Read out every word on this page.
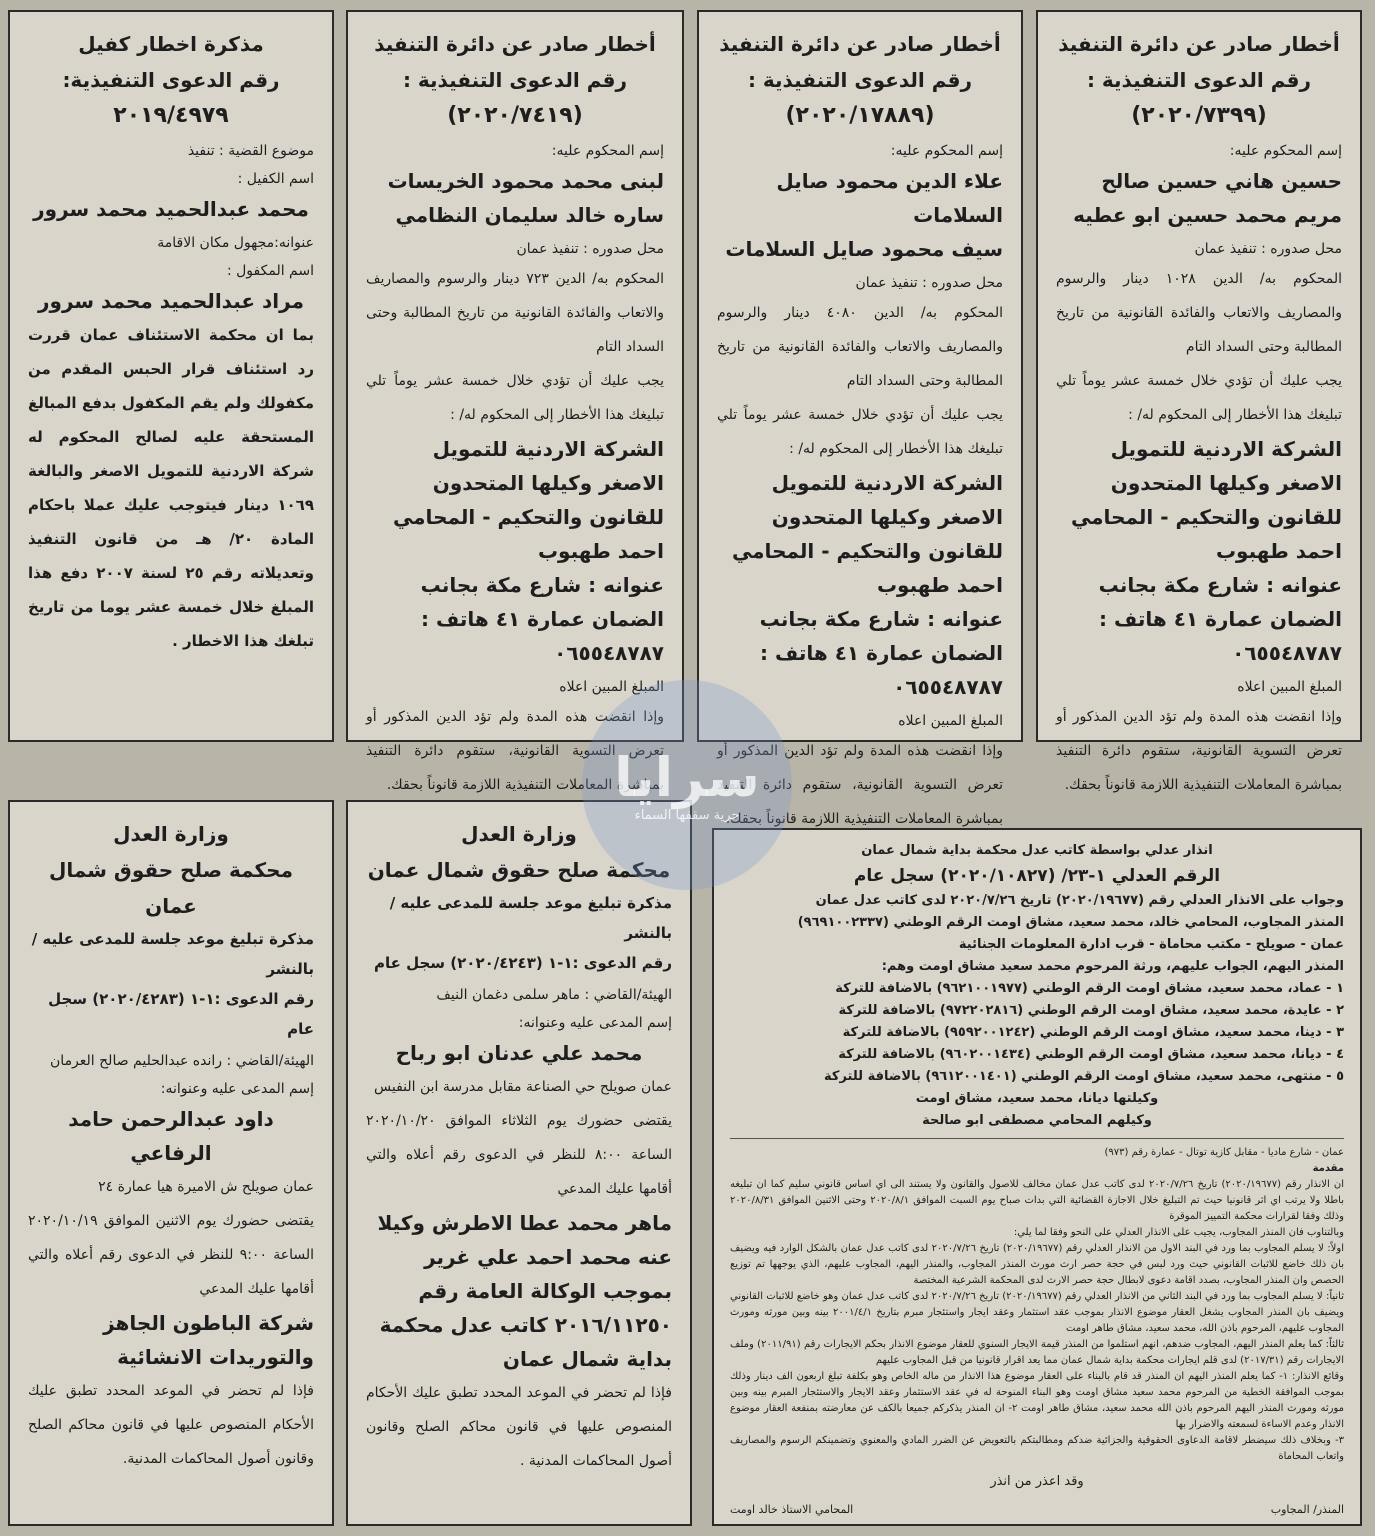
أخطار صادر عن دائرة التنفيذ

رقم الدعوى التنفيذية :

(٢٠٢٠/٧٣٩٩)

إسم المحكوم عليه:

حسين هاني حسين صالح

مريم محمد حسين ابو عطيه

محل صدوره : تنفيذ عمان

المحكوم به/ الدين ١٠٢٨ دينار والرسوم والمصاريف والاتعاب والفائدة القانونية من تاريخ المطالبة وحتى السداد التام

يجب عليك أن تؤدي خلال خمسة عشر يوماً تلي تبليغك هذا الأخطار إلى المحكوم له/ :

الشركة الاردنية للتمويل الاصغر وكيلها المتحدون للقانون والتحكيم - المحامي احمد طهبوب

عنوانه : شارع مكة بجانب الضمان عمارة ٤١ هاتف : ٠٦٥٥٤٨٧٨٧

المبلغ المبين اعلاه

وإذا انقضت هذه المدة ولم تؤد الدين المذكور أو تعرض التسوية القانونية، ستقوم دائرة التنفيذ بمباشرة المعاملات التنفيذية اللازمة قانوناً بحقك.

أخطار صادر عن دائرة التنفيذ

رقم الدعوى التنفيذية :

(٢٠٢٠/١٧٨٨٩)

إسم المحكوم عليه:

علاء الدين محمود صايل السلامات

سيف محمود صايل السلامات

محل صدوره : تنفيذ عمان

المحكوم به/ الدين ٤٠٨٠ دينار والرسوم والمصاريف والاتعاب والفائدة القانونية من تاريخ المطالبة وحتى السداد التام

يجب عليك أن تؤدي خلال خمسة عشر يوماً تلي تبليغك هذا الأخطار إلى المحكوم له/ :

الشركة الاردنية للتمويل الاصغر وكيلها المتحدون للقانون والتحكيم - المحامي احمد طهبوب

عنوانه : شارع مكة بجانب الضمان عمارة ٤١ هاتف : ٠٦٥٥٤٨٧٨٧

المبلغ المبين اعلاه

وإذا انقضت هذه المدة ولم تؤد الدين المذكور أو تعرض التسوية القانونية، ستقوم دائرة التنفيذ بمباشرة المعاملات التنفيذية اللازمة قانوناً بحقك.

أخطار صادر عن دائرة التنفيذ

رقم الدعوى التنفيذية :

(٢٠٢٠/٧٤١٩)

إسم المحكوم عليه:

لبنى محمد محمود الخريسات

ساره خالد سليمان النظامي

محل صدوره : تنفيذ عمان

المحكوم به/ الدين ٧٢٣ دينار والرسوم والمصاريف والاتعاب والفائدة القانونية من تاريخ المطالبة وحتى السداد التام

يجب عليك أن تؤدي خلال خمسة عشر يوماً تلي تبليغك هذا الأخطار إلى المحكوم له/ :

الشركة الاردنية للتمويل الاصغر وكيلها المتحدون للقانون والتحكيم - المحامي احمد طهبوب

عنوانه : شارع مكة بجانب الضمان عمارة ٤١ هاتف : ٠٦٥٥٤٨٧٨٧

المبلغ المبين اعلاه

وإذا انقضت هذه المدة ولم تؤد الدين المذكور أو تعرض التسوية القانونية، ستقوم دائرة التنفيذ بمباشرة المعاملات التنفيذية اللازمة قانوناً بحقك.

مذكرة اخطار كفيل

رقم الدعوى التنفيذية:

٢٠١٩/٤٩٧٩

موضوع القضية : تنفيذ

اسم الكفيل :

محمد عبدالحميد محمد سرور

عنوانه:مجهول مكان الاقامة

اسم المكفول :

مراد عبدالحميد محمد سرور

بما ان محكمة الاستئناف عمان قررت رد استئناف قرار الحبس المقدم من مكفولك ولم يقم المكفول بدفع المبالغ المستحقة عليه لصالح المحكوم له شركة الاردنية للتمويل الاصغر والبالغة ١٠٦٩ دينار فيتوجب عليك عملا باحكام المادة ٢٠/ هـ من قانون التنفيذ وتعديلاته رقم ٢٥ لسنة ٢٠٠٧ دفع هذا المبلغ خلال خمسة عشر يوما من تاريخ تبلغك هذا الاخطار .

انذار عدلي بواسطة كاتب عدل محكمة بداية شمال عمان

الرقم العدلي ١-٢٣/ (٢٠٢٠/١٠٨٢٧) سجل عام

وجواب على الانذار العدلي رقم (٢٠٢٠/١٩٦٧٧) تاريخ ٢٠٢٠/٧/٢٦ لدى كاتب عدل عمان

المنذر المجاوب، المحامي خالد، محمد سعيد، مشاق اومت الرقم الوطني (٩٦٩١٠٠٢٣٣٧)

عمان - صويلح - مكتب محاماة - قرب ادارة المعلومات الجنائية

المنذر اليهم، الجواب عليهم، ورثة المرحوم محمد سعيد مشاق اومت وهم:

١ - عماد، محمد سعيد، مشاق اومت الرقم الوطني (٩٦٢١٠٠١٩٧٧) بالاضافة للتركة

٢ - عايدة، محمد سعيد، مشاق اومت الرقم الوطني (٩٧٢٢٠٢٨١٦) بالاضافة للتركة

٣ - دينا، محمد سعيد، مشاق اومت الرقم الوطني (٩٥٩٢٠٠١٢٤٢) بالاضافة للتركة

٤ - ديانا، محمد سعيد، مشاق اومت الرقم الوطني (٩٦٠٢٠٠١٤٣٤) بالاضافة للتركة

٥ - منتهى، محمد سعيد، مشاق اومت الرقم الوطني (٩٦١٢٠٠١٤٠١) بالاضافة للتركة

وكيلتها ديانا، محمد سعيد، مشاق اومت

وكيلهم المحامي مصطفى ابو صالحة

عمان - شارع ماديا - مقابل كازية توتال - عمارة رقم (٩٧٣)

مقدمة

ان الانذار رقم (٢٠٢٠/١٩٦٧٧) تاريخ ٢٠٢٠/٧/٢٦ لدى كاتب عدل عمان مخالف للاصول والقانون ولا يستند الى اي اساس قانوني سليم كما ان تبليغه باطلا ولا يرتب اي اثر قانونيا حيث تم التبليغ خلال الاجازة القضائية التي بدات صباح يوم السبت الموافق ٢٠٢٠/٨/١ وحتى الاثنين الموافق ٢٠٢٠/٨/٣١ وذلك وفقا لقرارات محكمة التمييز الموقرة

وبالتناوب فان المنذر المجاوب، يجيب على الانذار العدلي على النحو وفقا لما يلي:

اولاً: لا يسلم المجاوب بما ورد في البند الاول من الانذار العدلي رقم (٢٠٢٠/١٩٦٧٧) تاريخ ٢٠٢٠/٧/٢٦ لدى كاتب عدل عمان بالشكل الوارد فيه ويضيف بان ذلك خاضع للاثبات القانوني حيث ورد لبس في حجة حصر ارث مورث المنذر المجاوب، والمنذر اليهم، المجاوب عليهم، الذي يوجهها تم توزيع الحصص وان المنذر المجاوب، بصدد اقامة دعوى لابطال حجة حصر الارث لدى المحكمة الشرعية المختصة

ثانياً: لا يسلم المجاوب بما ورد في البند الثاني من الانذار العدلي رقم (٢٠٢٠/١٩٦٧٧) تاريخ ٢٠٢٠/٧/٢٦ لدى كاتب عدل عمان وهو خاضع للاثبات القانوني ويضيف بان المنذر المجاوب يشغل العقار موضوع الانذار بموجب عقد استثمار وعقد ايجار واستئجار مبرم بتاريخ ٢٠٠١/٤/١ بينه وبين مورثه ومورث المجاوب عليهم، المرحوم باذن الله، محمد سعيد، مشاق طاهر اومت

ثالثاً: كما يعلم المنذر اليهم، المجاوب ضدهم، انهم استلموا من المنذر قيمة الايجار السنوي للعقار موضوع الانذار بحكم الايجارات رقم (٢٠١١/٩١) وملف الايجارات رقم (٢٠١٧/٣١) لدى قلم ايجارات محكمة بداية شمال عمان مما يعد اقرار قانونيا من قبل المجاوب عليهم

وقائع الانذار: ١- كما يعلم المنذر اليهم ان المنذر قد قام بالبناء على العقار موضوع هذا الانذار من ماله الخاص وهو بكلفة تبلغ اربعون الف دينار وذلك بموجب الموافقة الخطية من المرحوم محمد سعيد مشاق اومت وهو البناء المنوحة له في عقد الاستثمار وعقد الايجار والاستئجار المبرم بينه وبين مورثه ومورث المنذر اليهم المرحوم باذن الله محمد سعيد، مشاق طاهر اومت ٢- ان المنذر يذكركم جميعا بالكف عن معارضته بمنفعة العقار موضوع الانذار وعدم الاساءة لسمعته والاضرار بها

٣- وبخلاف ذلك سيضطر لاقامة الدعاوى الحقوقية والجزائية ضدكم ومطالبتكم بالتعويض عن الضرر المادي والمعنوي وتضمينكم الرسوم والمصاريف واتعاب المحاماة

وقد اعذر من انذر

المنذر/ المجاوب
المحامي الاستاذ خالد اومت

وزارة العدل

محكمة صلح حقوق شمال عمان

مذكرة تبليغ موعد جلسة للمدعى عليه / بالنشر

رقم الدعوى :١-١ (٢٠٢٠/٤٢٤٣) سجل عام

الهيئة/القاضي : ماهر سلمى دغمان النيف

إسم المدعى عليه وعنوانه:

محمد علي عدنان ابو رباح

عمان صويلح حي الصناعة مقابل مدرسة ابن النفيس

يقتضى حضورك يوم الثلاثاء الموافق ٢٠٢٠/١٠/٢٠ الساعة ٨:٠٠ للنظر في الدعوى رقم أعلاه والتي أقامها عليك المدعي

ماهر محمد عطا الاطرش وكيلا عنه محمد احمد علي غرير بموجب الوكالة العامة رقم ٢٠١٦/١١٢٥٠ كاتب عدل محكمة بداية شمال عمان

فإذا لم تحضر في الموعد المحدد تطبق عليك الأحكام المنصوص عليها في قانون محاكم الصلح وقانون أصول المحاكمات المدنية .

وزارة العدل

محكمة صلح حقوق شمال عمان

مذكرة تبليغ موعد جلسة للمدعى عليه / بالنشر

رقم الدعوى :١-١ (٢٠٢٠/٤٢٨٣) سجل عام

الهيئة/القاضي : رانده عبدالحليم صالح العرمان

إسم المدعى عليه وعنوانه:

داود عبدالرحمن حامد الرفاعي

عمان صويلح ش الاميرة هيا عمارة ٢٤

يقتضى حضورك يوم الاثنين الموافق ٢٠٢٠/١٠/١٩ الساعة ٩:٠٠ للنظر في الدعوى رقم أعلاه والتي أقامها عليك المدعي

شركة الباطون الجاهز والتوريدات الانشائية

فإذا لم تحضر في الموعد المحدد تطبق عليك الأحكام المنصوص عليها في قانون محاكم الصلح وقانون أصول المحاكمات المدنية.

سرايا
حرية سقفها السماء
